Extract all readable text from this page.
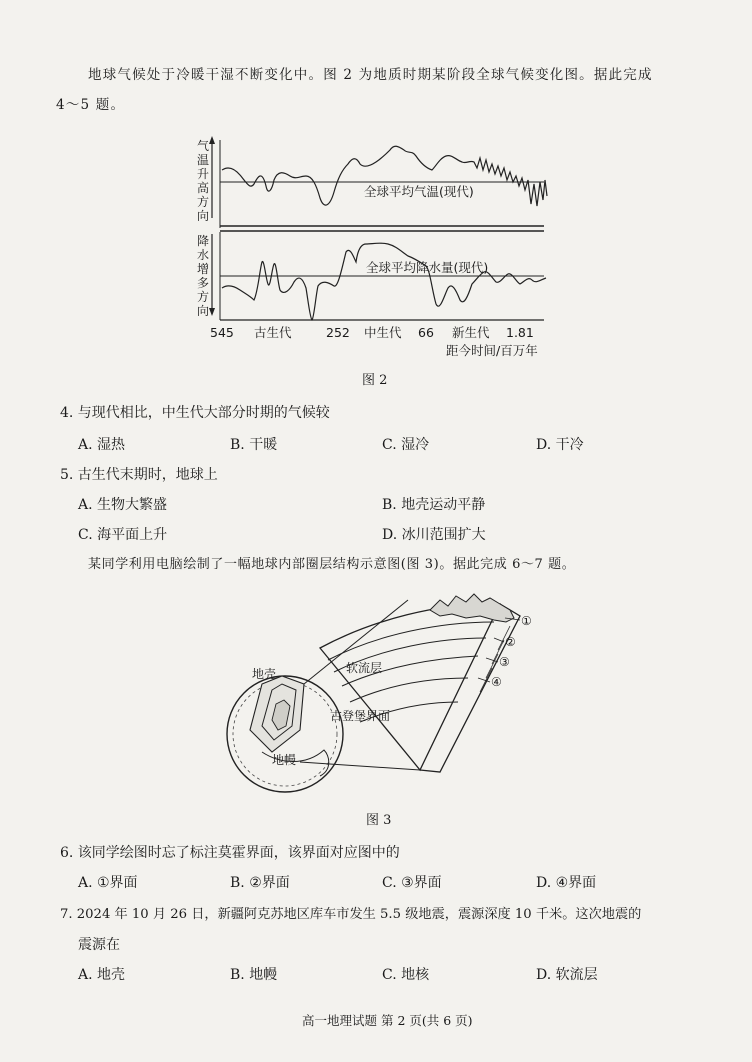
地球气候处于冷暖干湿不断变化中。图 2 为地质时期某阶段全球气候变化图。据此完成
4～5 题。
气
温
升
高
方
向
降
水
增
多
方
向
全球平均气温(现代)
全球平均降水量(现代)
545 古生代	252 中生代 66 新生代 1.81
距今时间/百万年
图 2
4. 与现代相比，中生代大部分时期的气候较
A. 湿热	B. 干暖	C. 湿冷	D. 干冷
5. 古生代末期时，地球上
A. 生物大繁盛	B. 地壳运动平静
C. 海平面上升	D. 冰川范围扩大
某同学利用电脑绘制了一幅地球内部圈层结构示意图(图 3)。据此完成 6～7 题。
①
②
③
④
地壳	软流层
古登堡界面
地幔
图 3
6. 该同学绘图时忘了标注莫霍界面，该界面对应图中的
A. ①界面	B. ②界面	C. ③界面	D. ④界面
7. 2024 年 10 月 26 日，新疆阿克苏地区库车市发生 5.5 级地震，震源深度 10 千米。这次地震的
震源在
A. 地壳	B. 地幔	C. 地核	D. 软流层
高一地理试题 第 2 页(共 6 页)
